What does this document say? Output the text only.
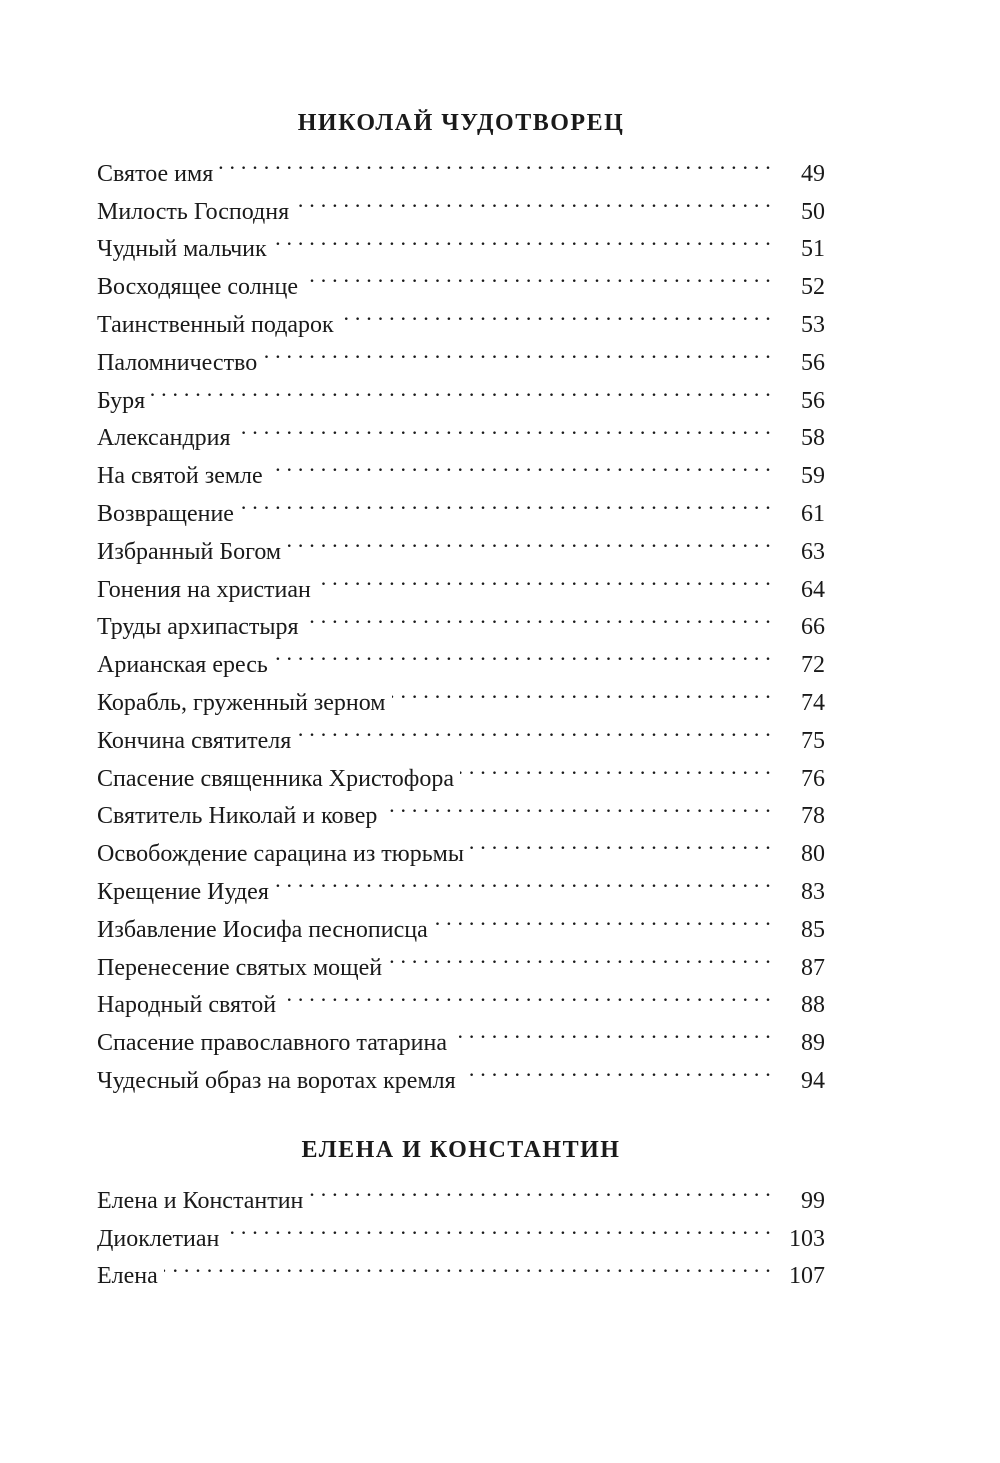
НИКОЛАЙ ЧУДОТВОРЕЦ
Святое имя . . .	49
Милость Господня . . .	50
Чудный мальчик . . .	51
Восходящее солнце . . .	52
Таинственный подарок . . .	53
Паломничество . . .	56
Буря . . .	56
Александрия . . .	58
На святой земле . . .	59
Возвращение . . .	61
Избранный Богом . . .	63
Гонения на христиан . . .	64
Труды архипастыря . . .	66
Арианская ересь . . .	72
Корабль, груженный зерном . . .	74
Кончина святителя . . .	75
Спасение священника Христофора . . .	76
Святитель Николай и ковер . . .	78
Освобождение сарацина из тюрьмы . . .	80
Крещение Иудея . . .	83
Избавление Иосифа песнописца . . .	85
Перенесение святых мощей . . .	87
Народный святой . . .	88
Спасение православного татарина . . .	89
Чудесный образ на воротах кремля . . .	94
ЕЛЕНА И КОНСТАНТИН
Елена и Константин . . .	99
Диоклетиан . . .	103
Елена . . .	107
